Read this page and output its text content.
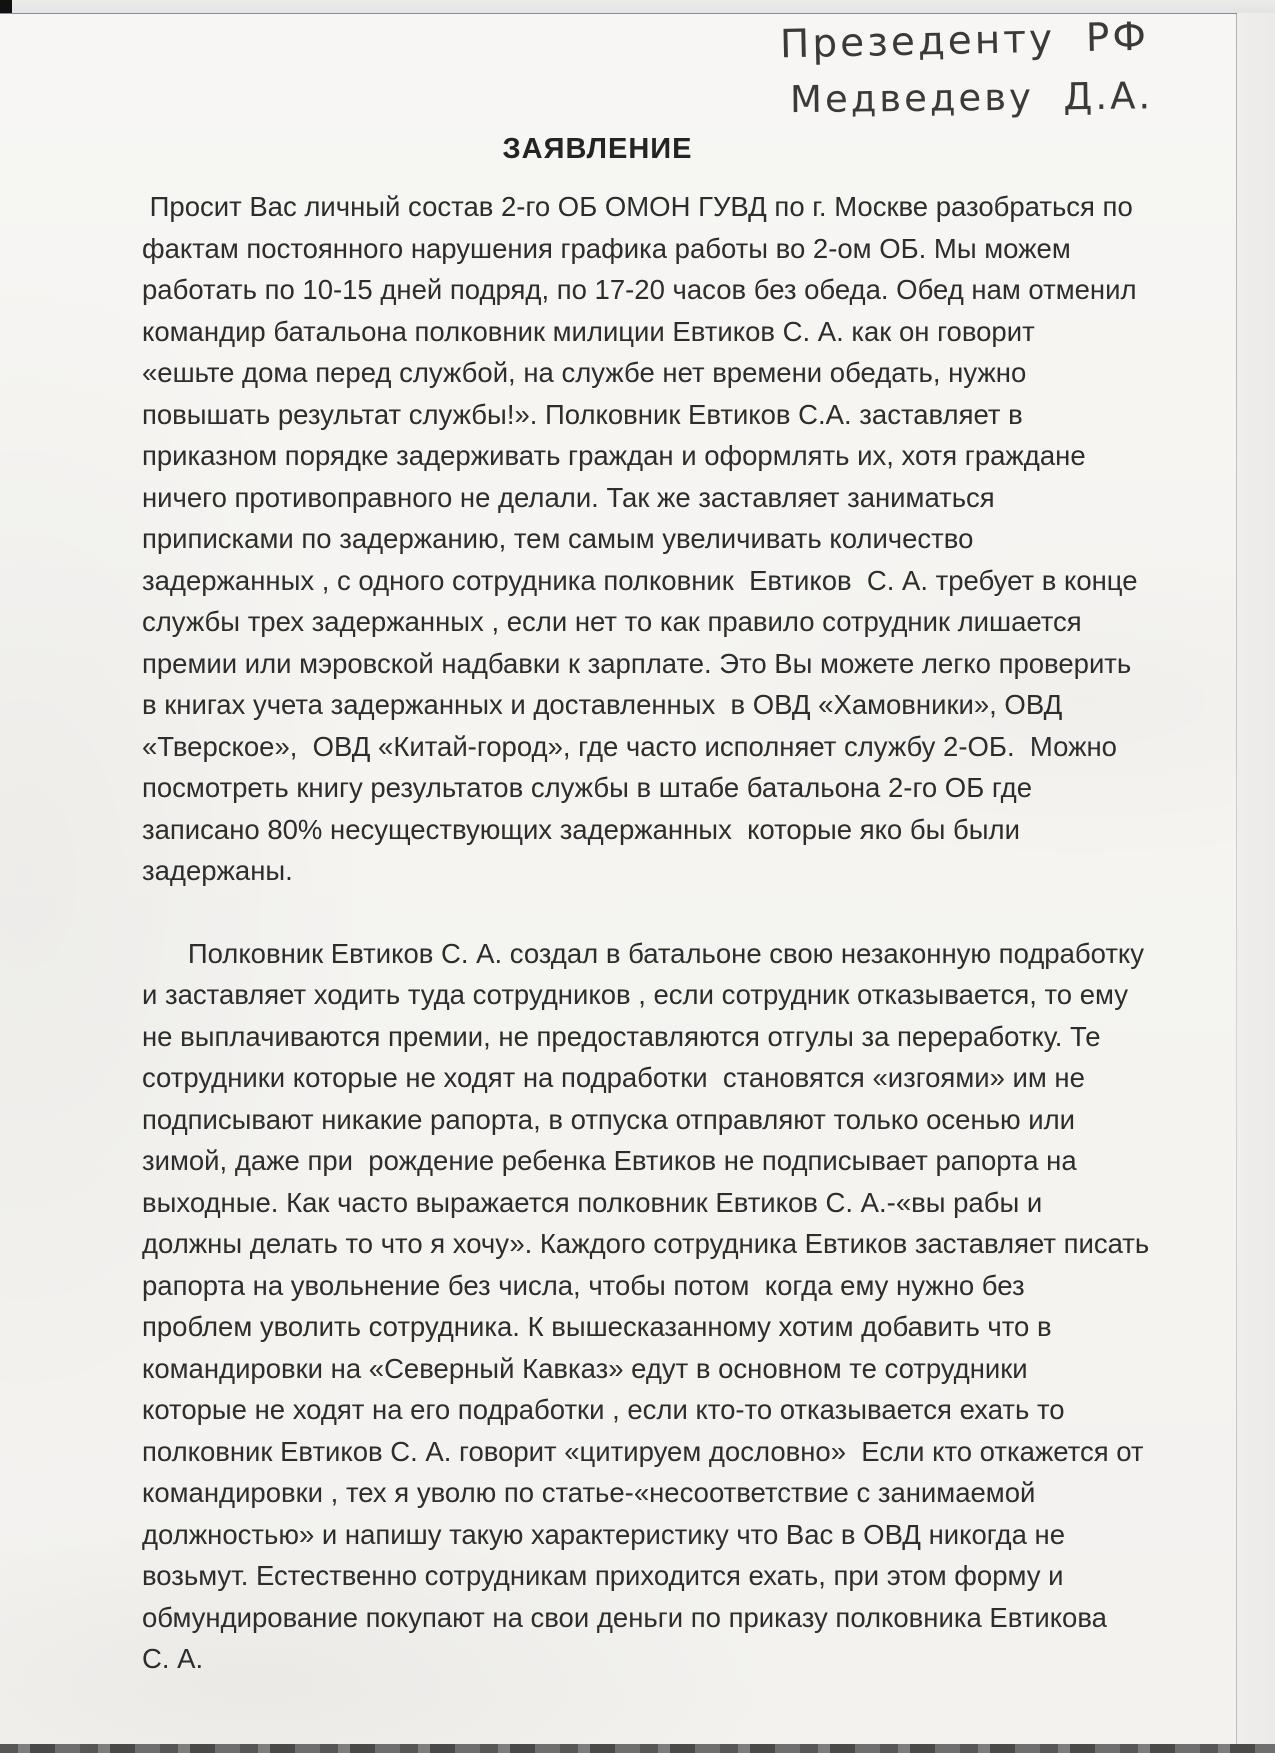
Презеденту  РФ
Медведеву  Д.А.
ЗАЯВЛЕНИЕ
Просит Вас личный состав 2-го ОБ ОМОН ГУВД по г. Москве разобраться по
фактам постоянного нарушения графика работы во 2-ом ОБ. Мы можем
работать по 10-15 дней подряд, по 17-20 часов без обеда. Обед нам отменил
командир батальона полковник милиции Евтиков С. А. как он говорит
«ешьте дома перед службой, на службе нет времени обедать, нужно
повышать результат службы!». Полковник Евтиков С.А. заставляет в
приказном порядке задерживать граждан и оформлять их, хотя граждане
ничего противоправного не делали. Так же заставляет заниматься
приписками по задержанию, тем самым увеличивать количество
задержанных , с одного сотрудника полковник  Евтиков  С. А. требует в конце
службы трех задержанных , если нет то как правило сотрудник лишается
премии или мэровской надбавки к зарплате. Это Вы можете легко проверить
в книгах учета задержанных и доставленных  в ОВД «Хамовники», ОВД
«Тверское»,  ОВД «Китай-город», где часто исполняет службу 2-ОБ.  Можно
посмотреть книгу результатов службы в штабе батальона 2-го ОБ где
записано 80% несуществующих задержанных  которые яко бы были
задержаны.
Полковник Евтиков С. А. создал в батальоне свою незаконную подработку
и заставляет ходить туда сотрудников , если сотрудник отказывается, то ему
не выплачиваются премии, не предоставляются отгулы за переработку. Те
сотрудники которые не ходят на подработки  становятся «изгоями» им не
подписывают никакие рапорта, в отпуска отправляют только осенью или
зимой, даже при  рождение ребенка Евтиков не подписывает рапорта на
выходные. Как часто выражается полковник Евтиков С. А.-«вы рабы и
должны делать то что я хочу». Каждого сотрудника Евтиков заставляет писать
рапорта на увольнение без числа, чтобы потом  когда ему нужно без
проблем уволить сотрудника. К вышесказанному хотим добавить что в
командировки на «Северный Кавказ» едут в основном те сотрудники
которые не ходят на его подработки , если кто-то отказывается ехать то
полковник Евтиков С. А. говорит «цитируем дословно»  Если кто откажется от
командировки , тех я уволю по статье-«несоответствие с занимаемой
должностью» и напишу такую характеристику что Вас в ОВД никогда не
возьмут. Естественно сотрудникам приходится ехать, при этом форму и
обмундирование покупают на свои деньги по приказу полковника Евтикова
С. А.
